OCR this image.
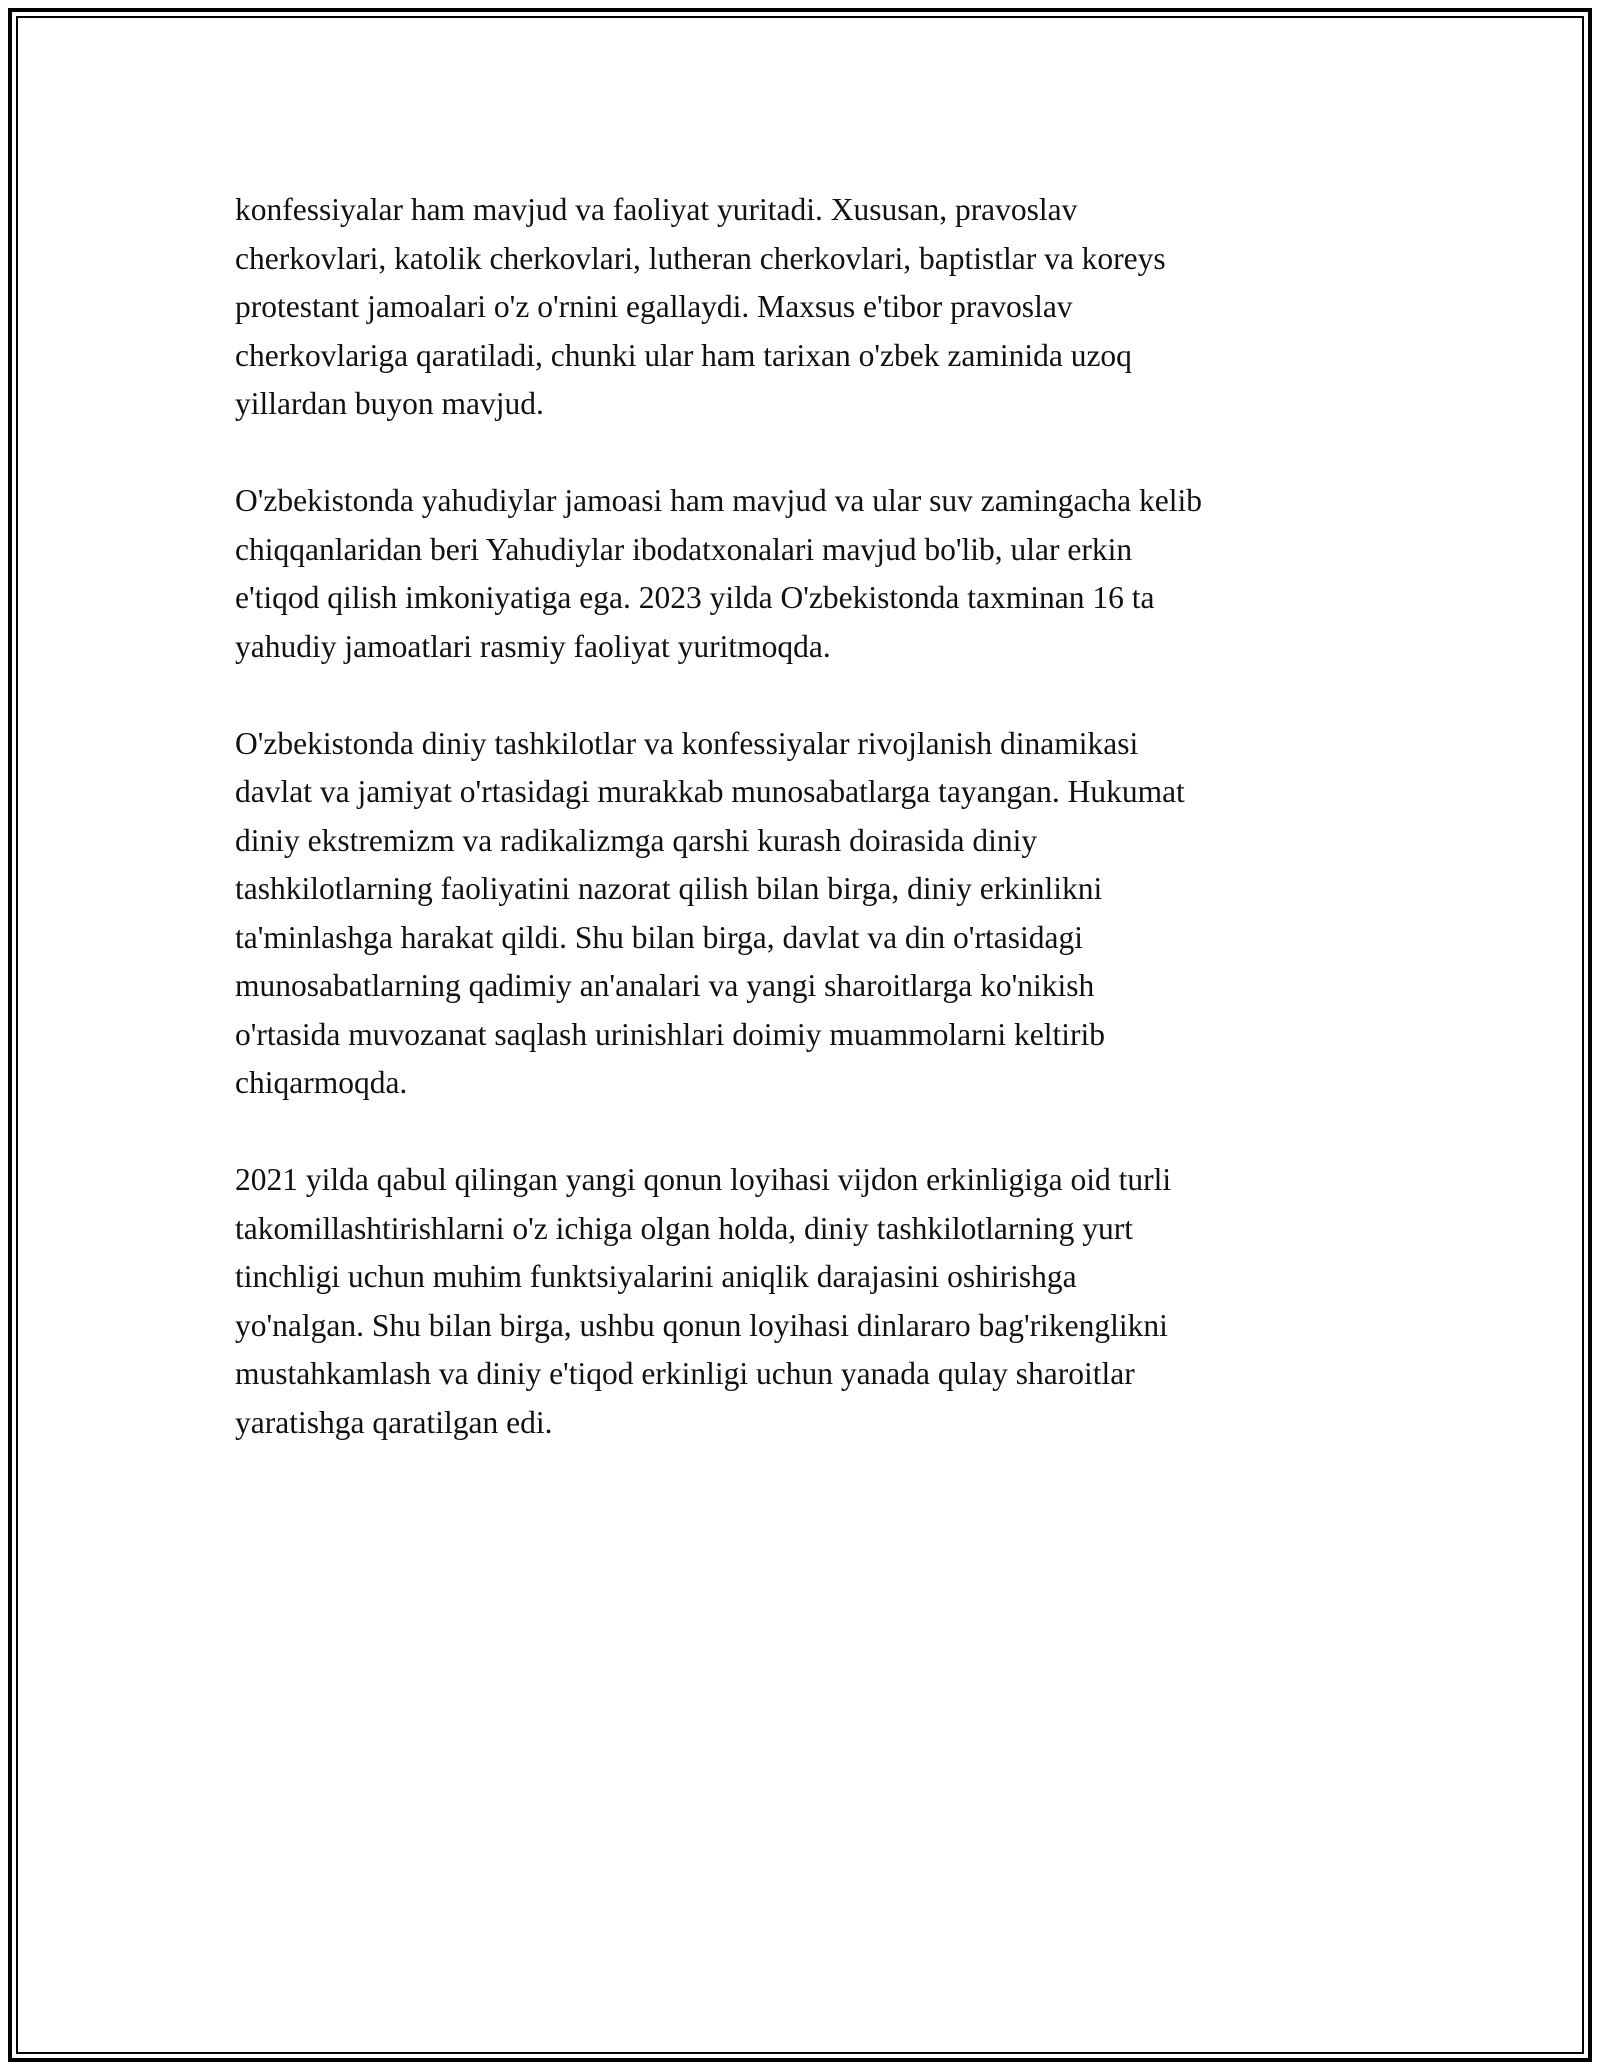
konfessiyalar ham mavjud va faoliyat yuritadi. Xususan, pravoslav
cherkovlari, katolik cherkovlari, lutheran cherkovlari, baptistlar va koreys
protestant jamoalari o'z o'rnini egallaydi. Maxsus e'tibor pravoslav
cherkovlariga qaratiladi, chunki ular ham tarixan o'zbek zaminida uzoq
yillardan buyon mavjud.

O'zbekistonda yahudiylar jamoasi ham mavjud va ular suv zamingacha kelib
chiqqanlaridan beri Yahudiylar ibodatxonalari mavjud bo'lib, ular erkin
e'tiqod qilish imkoniyatiga ega. 2023 yilda O'zbekistonda taxminan 16 ta
yahudiy jamoatlari rasmiy faoliyat yuritmoqda.

O'zbekistonda diniy tashkilotlar va konfessiyalar rivojlanish dinamikasi
davlat va jamiyat o'rtasidagi murakkab munosabatlarga tayangan. Hukumat
diniy ekstremizm va radikalizmga qarshi kurash doirasida diniy
tashkilotlarning faoliyatini nazorat qilish bilan birga, diniy erkinlikni
ta'minlashga harakat qildi. Shu bilan birga, davlat va din o'rtasidagi
munosabatlarning qadimiy an'analari va yangi sharoitlarga ko'nikish
o'rtasida muvozanat saqlash urinishlari doimiy muammolarni keltirib
chiqarmoqda.

2021 yilda qabul qilingan yangi qonun loyihasi vijdon erkinligiga oid turli
takomillashtirishlarni o'z ichiga olgan holda, diniy tashkilotlarning yurt
tinchligi uchun muhim funktsiyalarini aniqlik darajasini oshirishga
yo'nalgan. Shu bilan birga, ushbu qonun loyihasi dinlararo bag'rikenglikni
mustahkamlash va diniy e'tiqod erkinligi uchun yanada qulay sharoitlar
yaratishga qaratilgan edi.
